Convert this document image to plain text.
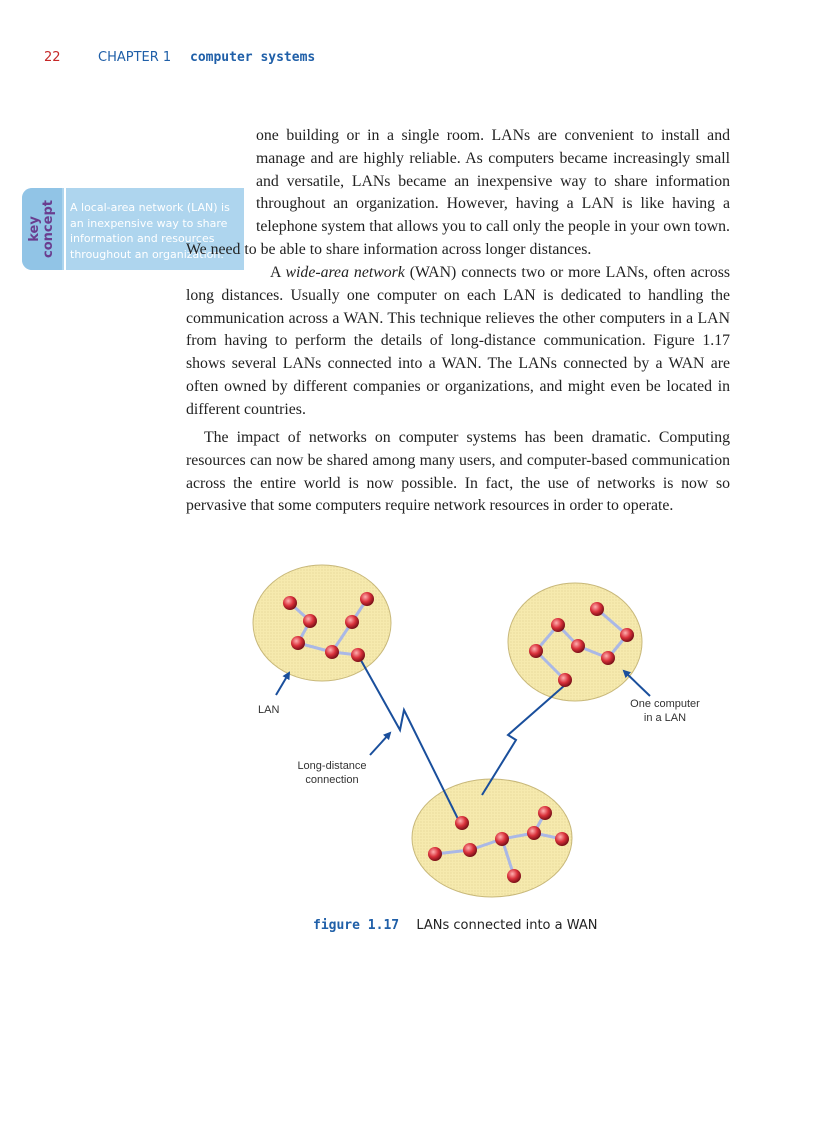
22	CHAPTER 1 computer systems
key concept A local-area network (LAN) is an inexpensive way to share information and resources throughout an organization.
one building or in a single room. LANs are convenient to install and manage and are highly reliable. As computers became increasingly small and versatile, LANs became an inexpensive way to share information throughout an organization. However, having a LAN is like having a telephone system that allows you to call only the people in your own town. We need to be able to share information across longer distances.

A wide-area network (WAN) connects two or more LANs, often across long distances. Usually one computer on each LAN is dedicated to handling the communication across a WAN. This technique relieves the other computers in a LAN from having to perform the details of long-distance communication. Figure 1.17 shows several LANs connected into a WAN. The LANs connected by a WAN are often owned by different companies or organizations, and might even be located in different countries.

The impact of networks on computer systems has been dramatic. Computing resources can now be shared among many users, and computer-based communication across the entire world is now possible. In fact, the use of networks is now so pervasive that some computers require network resources in order to operate.

LAN	One computer
in a LAN
Long-distance
connection
figure 1.17 LANs connected into a WAN
